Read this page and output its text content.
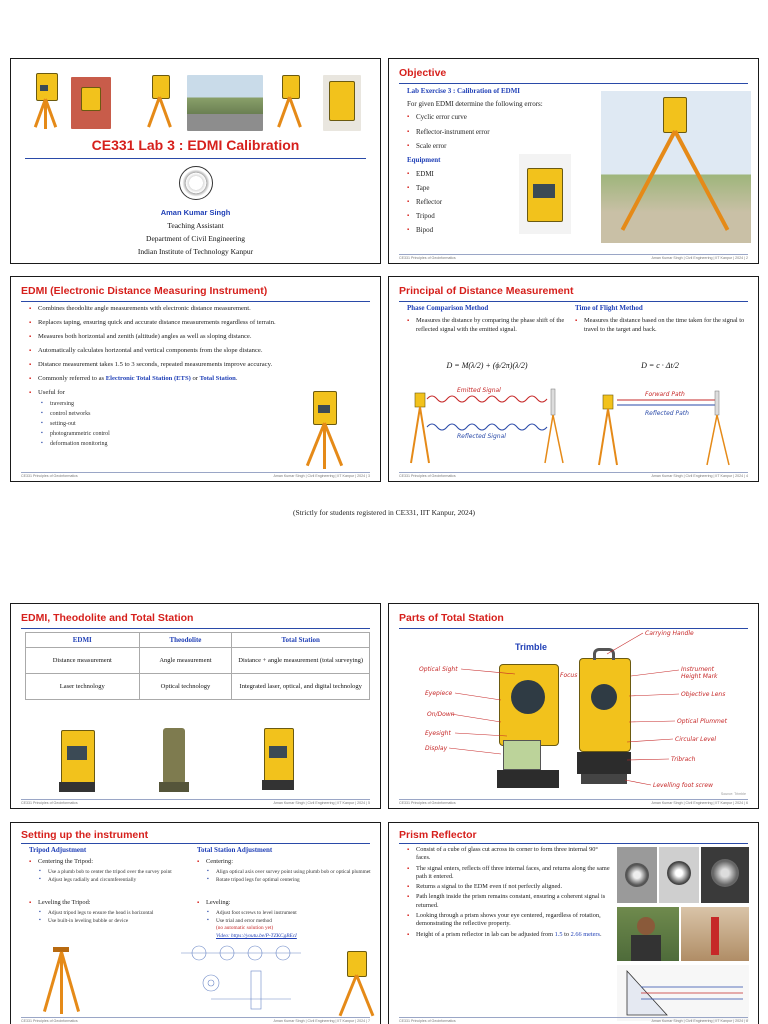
CE331 Lab 3 : EDMI Calibration
Aman Kumar Singh
Teaching Assistant
Department of Civil Engineering
Indian Institute of Technology Kanpur
Objective
Lab Exercise 3 : Calibration of EDMI
For given EDMI determine the following errors:
▪ Cyclic error curve
▪ Reflector-instrument error
▪ Scale error
Equipment
▪ EDMI
▪ Tape
▪ Reflector
▪ Tripod
▪ Bipod
CE331 Principles of Geoinformatics	Aman Kumar Singh | Civil Engineering | IIT Kanpur | 2024 | 2
EDMI (Electronic Distance Measuring Instrument)
▪ Combines theodolite angle measurements with electronic distance measurement.
▪ Replaces taping, ensuring quick and accurate distance measurements regardless of terrain.
▪ Measures both horizontal and zenith (altitude) angles as well as sloping distance.
▪ Automatically calculates horizontal and vertical components from the slope distance.
▪ Distance measurement takes 1.5 to 3 seconds, repeated measurements improve accuracy.
▪ Commonly referred to as Electronic Total Station (ETS) or Total Station.
▪ Useful for
▪ traversing
▪ control networks
▪ setting-out
▪ photogrammetric control
▪ deformation monitoring
CE331 Principles of Geoinformatics	Aman Kumar Singh | Civil Engineering | IIT Kanpur | 2024 | 3
Principal of Distance Measurement
Phase Comparison Method
▪ Measures the distance by comparing the phase shift of the reflected signal with the emitted signal.
D = M(λ/2) + (ϕ/2π)(λ/2)
Time of Flight Method
▪ Measures the distance based on the time taken for the signal to travel to the target and back.
D = c · Δt/2
Emitted Signal
Reflected Signal
Forward Path
Reflected Path
CE331 Principles of Geoinformatics	Aman Kumar Singh | Civil Engineering | IIT Kanpur | 2024 | 4
(Strictly for students registered in CE331, IIT Kanpur, 2024)
EDMI, Theodolite and Total Station
EDMI	Theodolite	Total Station
Distance measurement	Angle measurement	Distance + angle measurement (total surveying)
Laser technology	Optical technology	Integrated laser, optical, and digital technology
CE331 Principles of Geoinformatics	Aman Kumar Singh | Civil Engineering | IIT Kanpur | 2024 | 5
Parts of Total Station
Trimble
Optical Sight
Eyepiece
On/Down
Eyesight
Display
Focus
Carrying Handle
Instrument Height Mark
Objective Lens
Optical Plummet
Circular Level
Tribrach
Levelling foot screw
Source: Trimble
CE331 Principles of Geoinformatics	Aman Kumar Singh | Civil Engineering | IIT Kanpur | 2024 | 6
Setting up the instrument
Tripod Adjustment
▪ Centering the Tripod:
▪ Use a plumb bob to center the tripod over the survey point
▪ Adjust legs radially and circumferentially
▪ Leveling the Tripod:
▪ Adjust tripod legs to ensure the head is horizontal
▪ Use built-in leveling bubble or device
Total Station Adjustment
▪ Centering:
▪ Align optical axis over survey point using plumb bob or optical plummet
▪ Rotate tripod legs for optimal centering
▪ Leveling:
▪ Adjust foot screws to level instrument
▪ Use trial and error method
(no automatic solution yet)
Video: https://youtu.be/P-TZKCgBEcI
CE331 Principles of Geoinformatics	Aman Kumar Singh | Civil Engineering | IIT Kanpur | 2024 | 7
Prism Reflector
▪ Consist of a cube of glass cut across its corner to form three internal 90° faces.
▪ The signal enters, reflects off three internal faces, and returns along the same path it entered.
▪ Returns a signal to the EDM even if not perfectly aligned.
▪ Path length inside the prism remains constant, ensuring a coherent signal is returned.
▪ Looking through a prism shows your eye centered, regardless of rotation, demonstrating the reflective property.
▪ Height of a prism reflector in lab can be adjusted from 1.5 to 2.66 meters.
CE331 Principles of Geoinformatics	Aman Kumar Singh | Civil Engineering | IIT Kanpur | 2024 | 8
